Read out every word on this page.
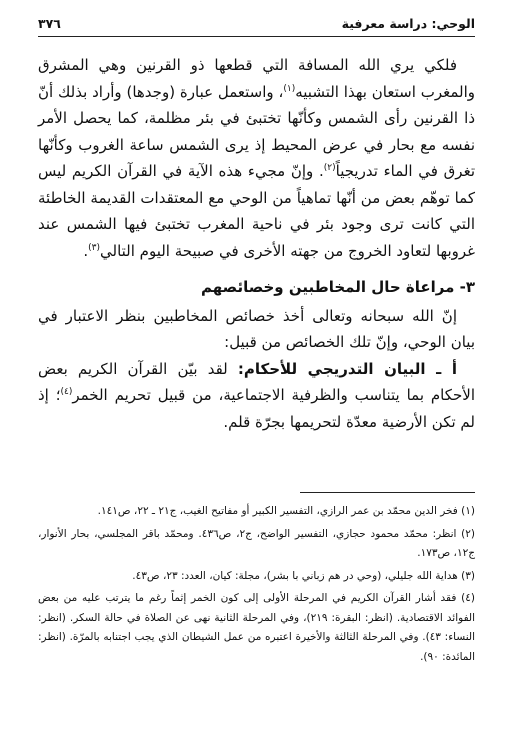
الوحي: دراسة معرفية
٣٧٦

فلكي يري الله المسافة التي قطعها ذو القرنين وهي المشرق والمغرب استعان بهذا التشبيه$^{(١)}$، واستعمل عبارة (وجدها) وأراد بذلك أنّ ذا القرنين رأى الشمس وكأنّها تختبئ في بئر مظلمة، كما يحصل الأمر نفسه مع بحار في عرض المحيط إذ يرى الشمس ساعة الغروب وكأنّها تغرق في الماء تدريجياً$^{(٢)}$. وإنّ مجيء هذه الآية في القرآن الكريم ليس كما توهّم بعض من أنّها تماهياً من الوحي مع المعتقدات القديمة الخاطئة التي كانت ترى وجود بئر في ناحية المغرب تختبئ فيها الشمس عند غروبها لتعاود الخروج من جهته الأخرى في صبيحة اليوم التالي$^{(٣)}$.

٣- مراعاة حال المخاطبين وخصائصهم

إنّ الله سبحانه وتعالى أخذ خصائص المخاطبين بنظر الاعتبار في بيان الوحي، وإنّ تلك الخصائص من قبيل:

أ ـ البيان التدريجي للأحكام: لقد بيّن القرآن الكريم بعض الأحكام بما يتناسب والظرفية الاجتماعية، من قبيل تحريم الخمر$^{(٤)}$؛ إذ لم تكن الأرضية معدّة لتحريمها بجرّة قلم.

(١) فخر الدين محمّد بن عمر الرازي، التفسير الكبير أو مفاتيح الغيب، ج٢١ ـ ٢٢، ص١٤١.

(٢) انظر: محمّد محمود حجازي، التفسير الواضح، ج٢، ص٤٣٦. ومحمّد باقر المجلسي، بحار الأنوار، ج١٢، ص١٧٣.

(٣) هداية الله جليلي، (وحي در هم زباني با بشر)، مجلة: كيان، العدد: ٢٣، ص٤٣.

(٤) فقد أشار القرآن الكريم في المرحلة الأولى إلى كون الخمر إثماً رغم ما يترتب عليه من بعض الفوائد الاقتصادية. (انظر: البقرة: ٢١٩)، وفي المرحلة الثانية نهى عن الصلاة في حالة السكر. (انظر: النساء: ٤٣). وفي المرحلة الثالثة والأخيرة اعتبره من عمل الشيطان الذي يجب اجتنابه بالمرّة. (انظر: المائدة: ٩٠).
